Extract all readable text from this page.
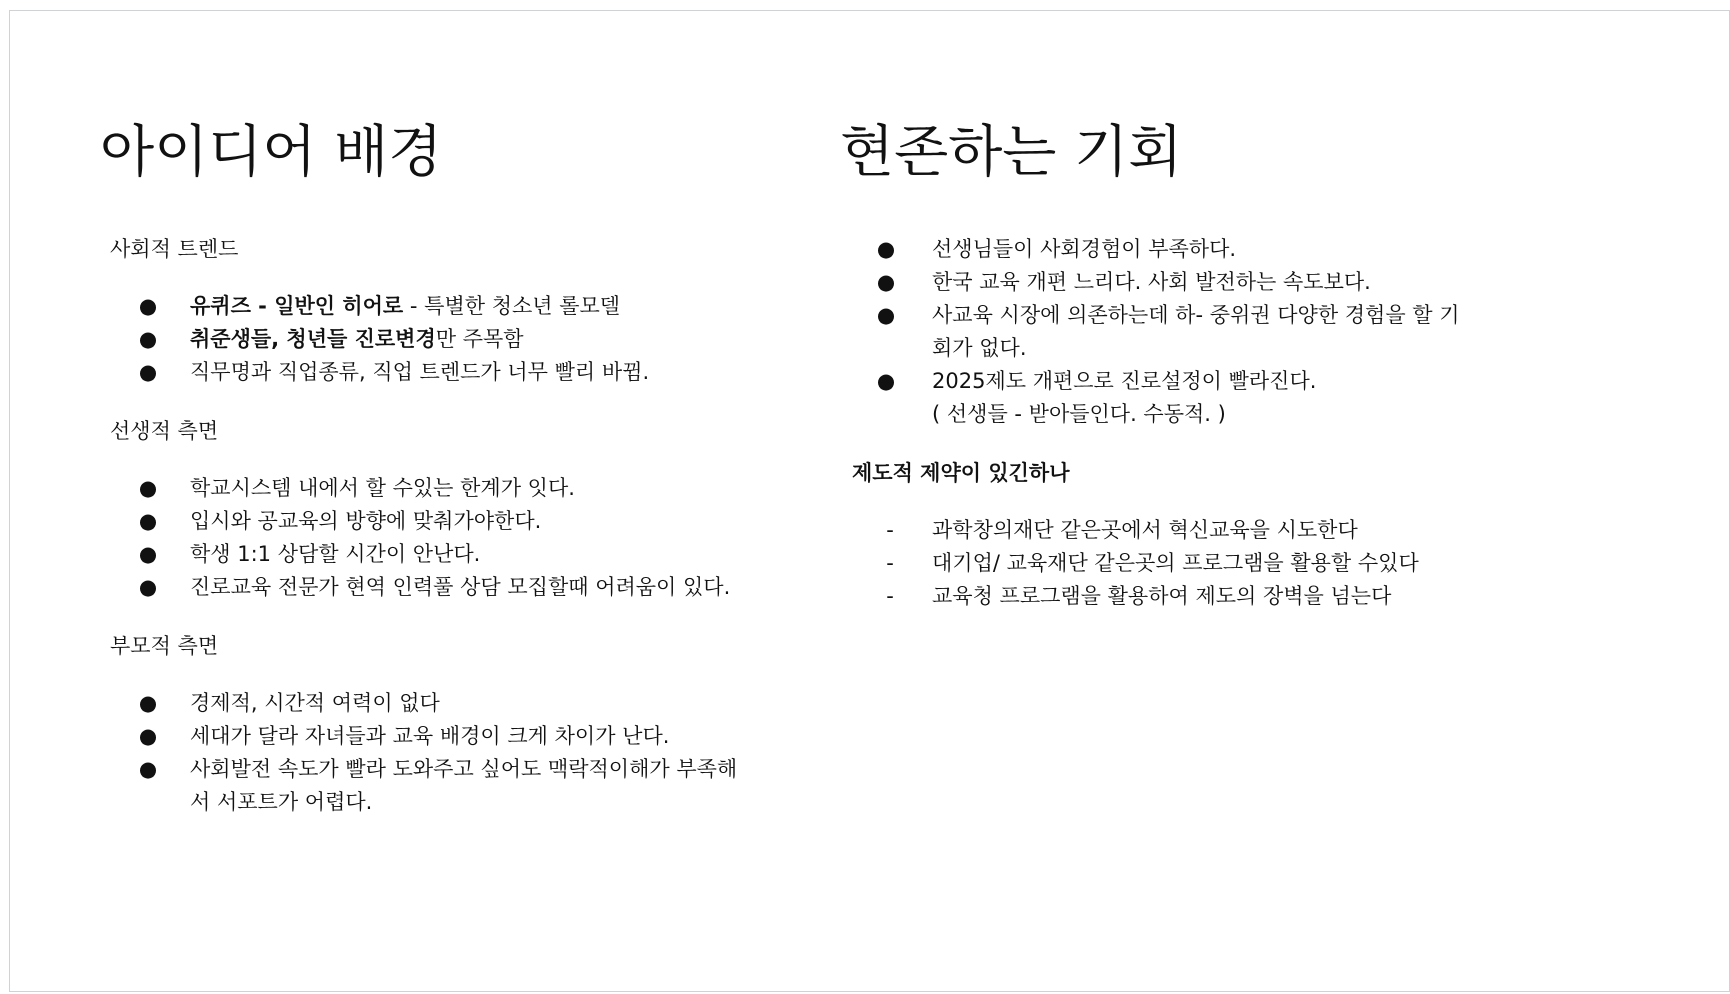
아이디어 배경

사회적 트렌드

● 유퀴즈 - 일반인 히어로 - 특별한 청소년 롤모델
● 취준생들, 청년들 진로변경만 주목함
● 직무명과 직업종류, 직업 트렌드가 너무 빨리 바뀜.

선생적 측면

● 학교시스템 내에서 할 수있는 한계가 잇다.
● 입시와 공교육의 방향에 맞춰가야한다.
● 학생 1:1 상담할 시간이 안난다.
● 진로교육 전문가 현역 인력풀 상담 모집할때 어려움이 있다.

부모적 측면

● 경제적, 시간적 여력이 없다
● 세대가 달라 자녀들과 교육 배경이 크게 차이가 난다.
● 사회발전 속도가 빨라 도와주고 싶어도 맥락적이해가 부족해서 서포트가 어렵다.
현존하는 기회
● 선생님들이 사회경험이 부족하다.
● 한국 교육 개편 느리다. 사회 발전하는 속도보다.
● 사교육 시장에 의존하는데 하- 중위권 다양한 경험을 할 기회가 없다.
● 2025제도 개편으로 진로설정이 빨라진다.
( 선생들 - 받아들인다. 수동적. )

제도적 제약이 있긴하나

- 과학창의재단 같은곳에서 혁신교육을 시도한다
- 대기업/ 교육재단 같은곳의 프로그램을 활용할 수있다
- 교육청 프로그램을 활용하여 제도의 장벽을 넘는다
